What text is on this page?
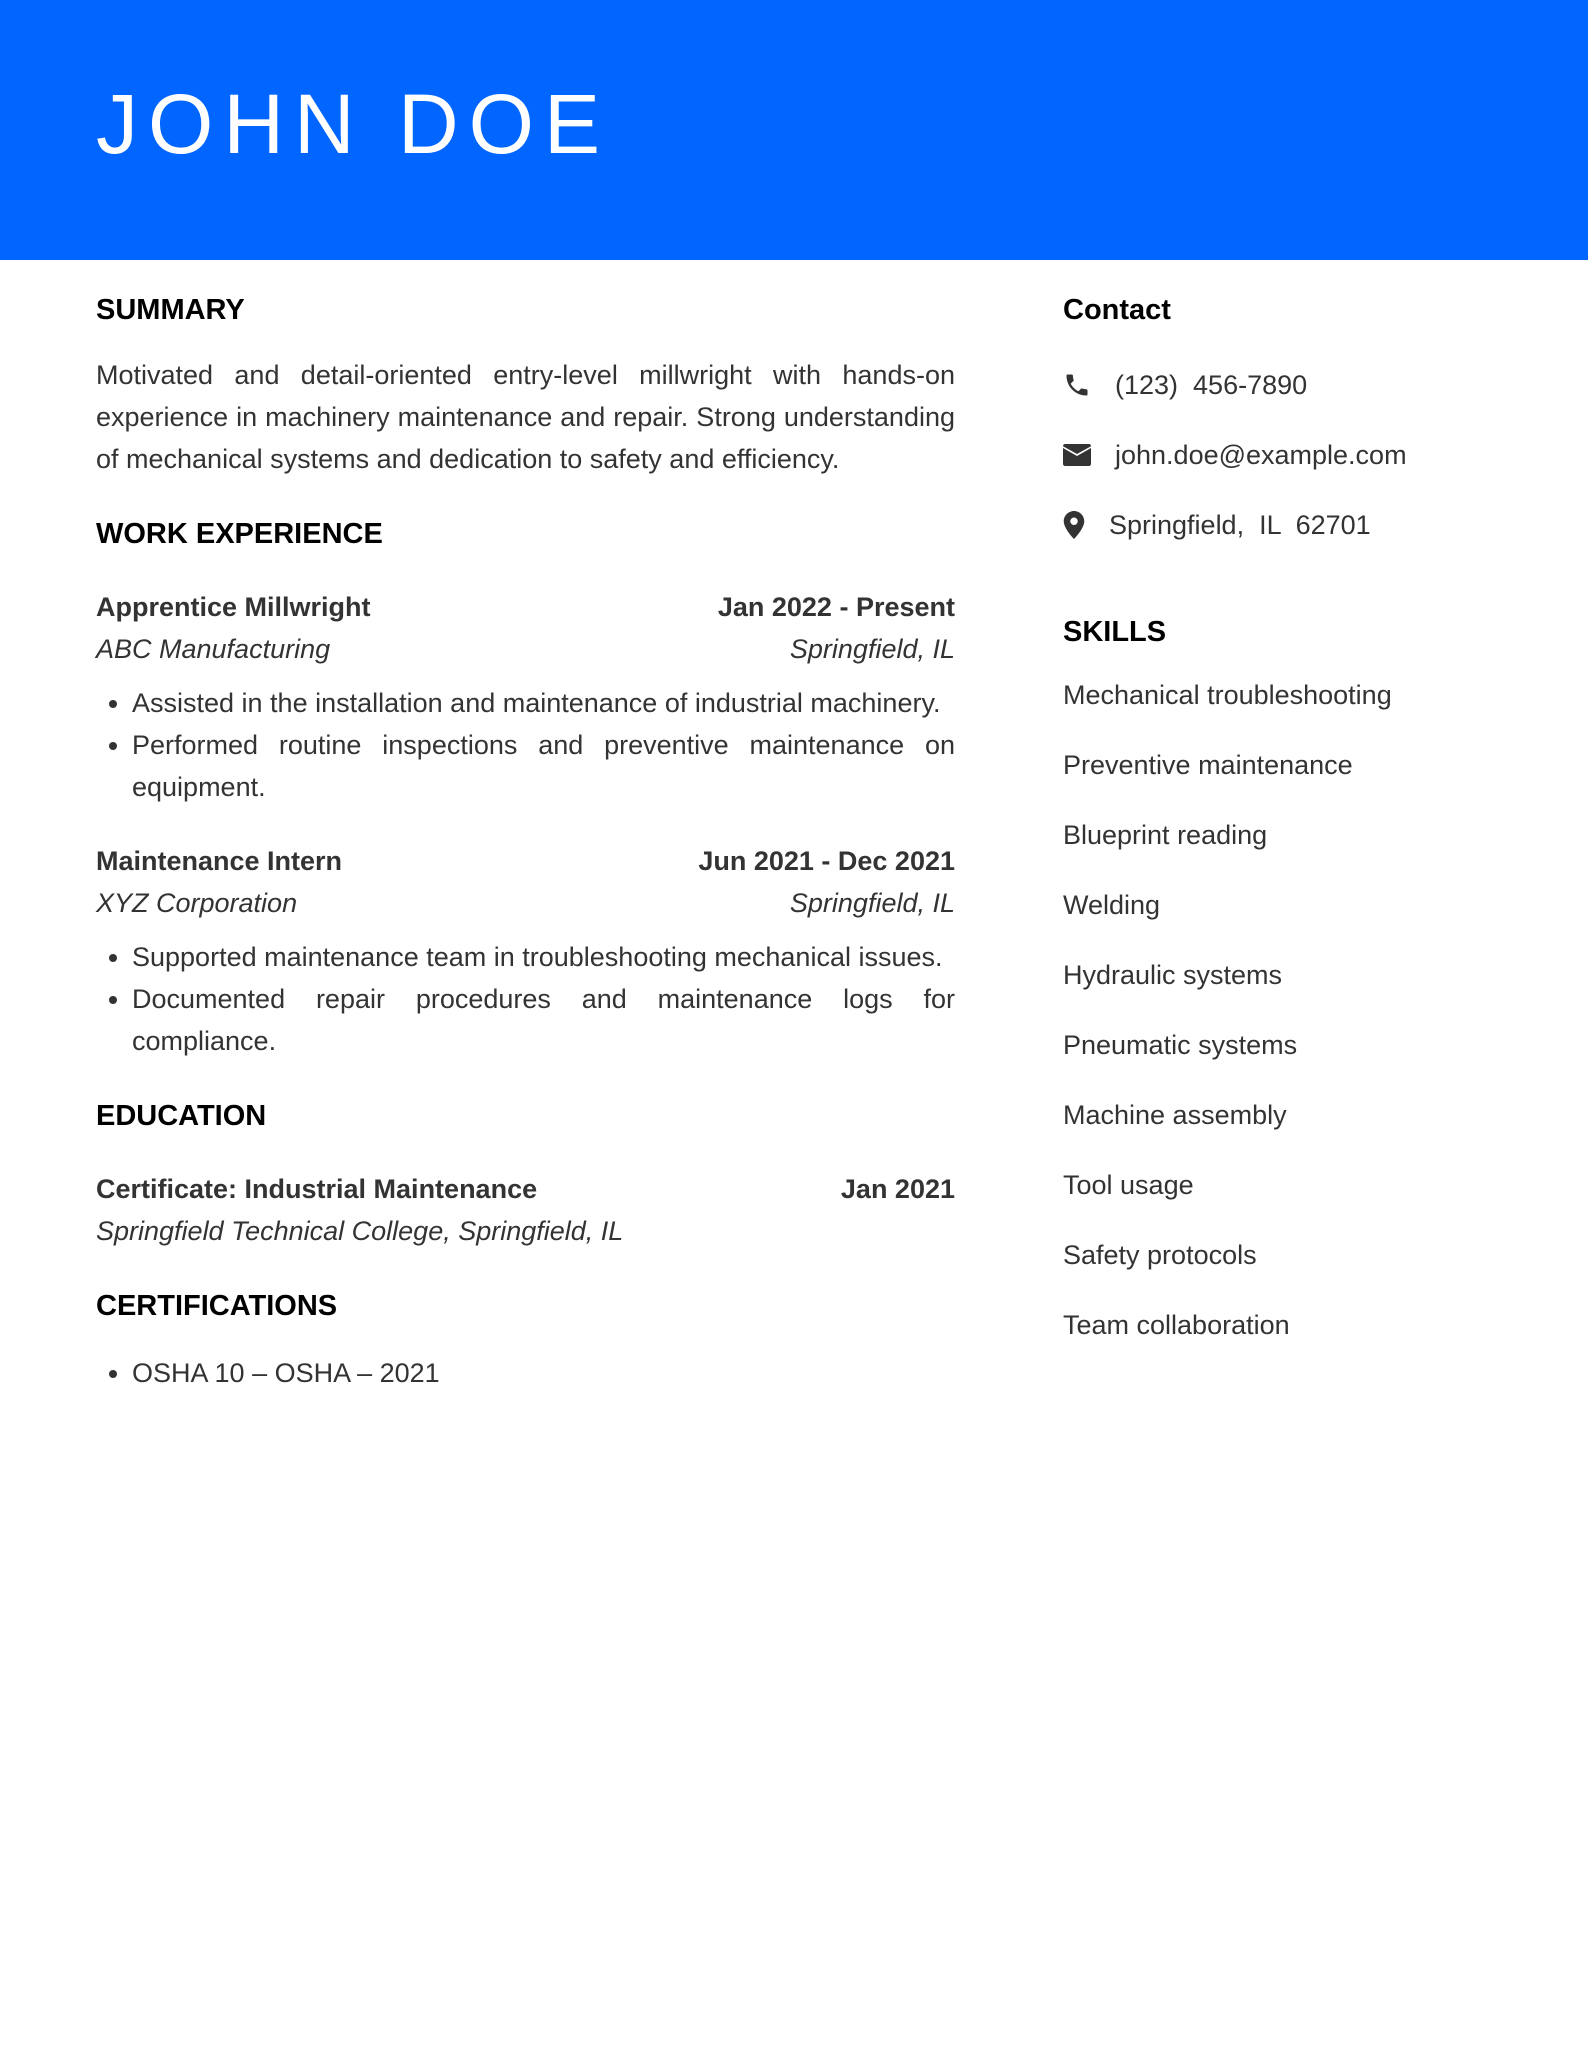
JOHN DOE
SUMMARY

Motivated and detail-oriented entry-level millwright with hands-on experience in machinery maintenance and repair. Strong understanding of mechanical systems and dedication to safety and efficiency.

WORK EXPERIENCE
Apprentice Millwright	Jan 2022 - Present
ABC Manufacturing	Springfield, IL
• Assisted in the installation and maintenance of industrial machinery.
• Performed routine inspections and preventive maintenance on equipment.
Maintenance Intern	Jun 2021 - Dec 2021
XYZ Corporation	Springfield, IL
• Supported maintenance team in troubleshooting mechanical issues.
• Documented repair procedures and maintenance logs for compliance.
EDUCATION
Certificate: Industrial Maintenance	Jan 2021
Springfield Technical College, Springfield, IL
CERTIFICATIONS
• OSHA 10 – OSHA – 2021
Contact
(123)  456-7890
john.doe@example.com
Springfield,  IL  62701
SKILLS
Mechanical troubleshooting
Preventive maintenance
Blueprint reading
Welding
Hydraulic systems
Pneumatic systems
Machine assembly
Tool usage
Safety protocols
Team collaboration
